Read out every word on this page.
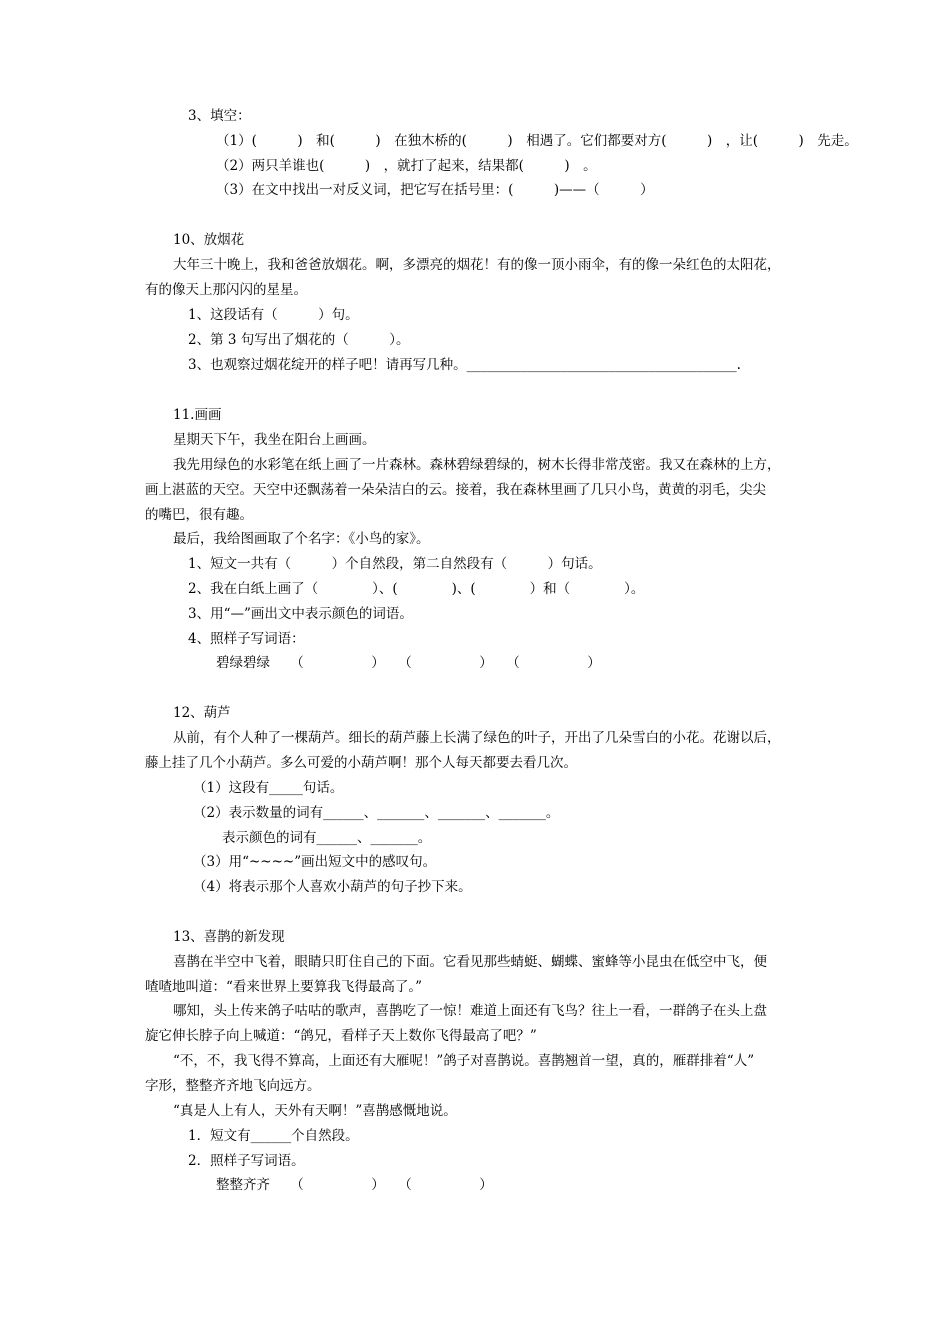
3、填空：
（1）(　　　)　和(　　　)　在独木桥的(　　　)　相遇了。它们都要对方(　　　)　，让(　　　)　先走。
（2）两只羊谁也(　　　)　，就打了起来，结果都(　　　)　。
（3）在文中找出一对反义词，把它写在括号里：(　　　)——（　　　）
10、放烟花
大年三十晚上，我和爸爸放烟花。啊，多漂亮的烟花！有的像一顶小雨伞，有的像一朵红色的太阳花，
有的像天上那闪闪的星星。
1、这段话有（　　　）句。
2、第 3 句写出了烟花的（　　　）。
3、也观察过烟花绽开的样子吧！请再写几种。________________________________________.
11.画画
星期天下午，我坐在阳台上画画。
我先用绿色的水彩笔在纸上画了一片森林。森林碧绿碧绿的，树木长得非常茂密。我又在森林的上方，
画上湛蓝的天空。天空中还飘荡着一朵朵洁白的云。接着，我在森林里画了几只小鸟，黄黄的羽毛，尖尖
的嘴巴，很有趣。
最后，我给图画取了个名字：《小鸟的家》。
1、短文一共有（　　　）个自然段，第二自然段有（　　　）句话。
2、我在白纸上画了（　　　　）、(　　　　)、(　　　　）和（　　　　）。
3、用“—”画出文中表示颜色的词语。
4、照样子写词语：
碧绿碧绿　　（　　　　　）　　（　　　　　）　　（　　　　　）
12、葫芦
从前，有个人种了一棵葫芦。细长的葫芦藤上长满了绿色的叶子，开出了几朵雪白的小花。花谢以后，
藤上挂了几个小葫芦。多么可爱的小葫芦啊！那个人每天都要去看几次。
（1）这段有_____句话。
（2）表示数量的词有______、_______、_______、_______。
表示颜色的词有______、_______。
（3）用“~~~~”画出短文中的感叹句。
（4）将表示那个人喜欢小葫芦的句子抄下来。
13、喜鹊的新发现
喜鹊在半空中飞着，眼睛只盯住自己的下面。它看见那些蜻蜓、蝴蝶、蜜蜂等小昆虫在低空中飞，便
喳喳地叫道：“看来世界上要算我飞得最高了。”
哪知，头上传来鸽子咕咕的歌声，喜鹊吃了一惊！难道上面还有飞鸟？往上一看，一群鸽子在头上盘
旋它伸长脖子向上喊道：“鸽兄，看样子天上数你飞得最高了吧？”
“不，不，我飞得不算高，上面还有大雁呢！”鸽子对喜鹊说。喜鹊翘首一望，真的，雁群排着“人”
字形，整整齐齐地飞向远方。
“真是人上有人，天外有天啊！”喜鹊感慨地说。
1．短文有______个自然段。
2．照样子写词语。
整整齐齐　　（　　　　　）　　（　　　　　）
